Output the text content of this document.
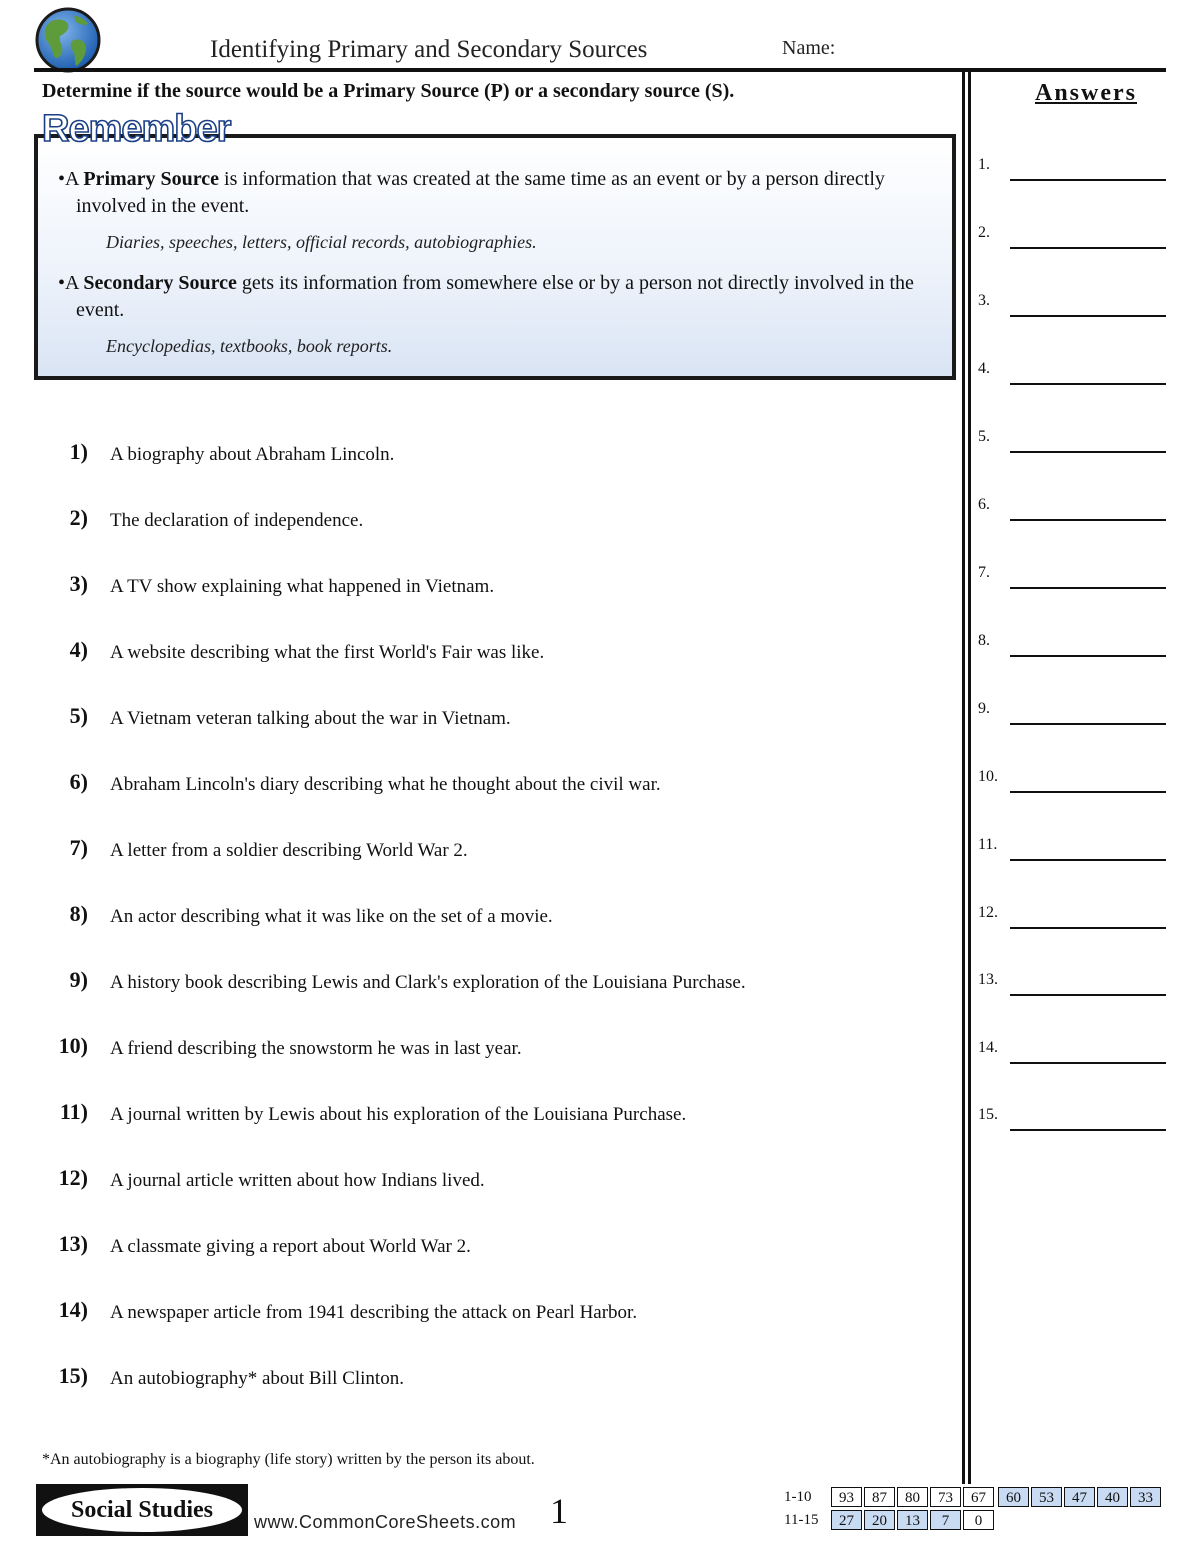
Identifying Primary and Secondary Sources	Name:
Determine if the source would be a Primary Source (P) or a secondary source (S).	Answers
Remember
•A Primary Source is information that was created at the same time as an event or by a person directly involved in the event.
Diaries, speeches, letters, official records, autobiographies.
•A Secondary Source gets its information from somewhere else or by a person not directly involved in the event.
Encyclopedias, textbooks, book reports.
1) A biography about Abraham Lincoln.
2) The declaration of independence.
3) A TV show explaining what happened in Vietnam.
4) A website describing what the first World's Fair was like.
5) A Vietnam veteran talking about the war in Vietnam.
6) Abraham Lincoln's diary describing what he thought about the civil war.
7) A letter from a soldier describing World War 2.
8) An actor describing what it was like on the set of a movie.
9) A history book describing Lewis and Clark's exploration of the Louisiana Purchase.
10) A friend describing the snowstorm he was in last year.
11) A journal written by Lewis about his exploration of the Louisiana Purchase.
12) A journal article written about how Indians lived.
13) A classmate giving a report about World War 2.
14) A newspaper article from 1941 describing the attack on Pearl Harbor.
15) An autobiography* about Bill Clinton.
1.
2.
3.
4.
5.
6.
7.
8.
9.
10.
11.
12.
13.
14.
15.
*An autobiography is a biography (life story) written by the person its about.
Social Studies	www.CommonCoreSheets.com 1	1-10	93	87	80	73	67	60	53	47	40	33
11-15	27	20	13	7	0
